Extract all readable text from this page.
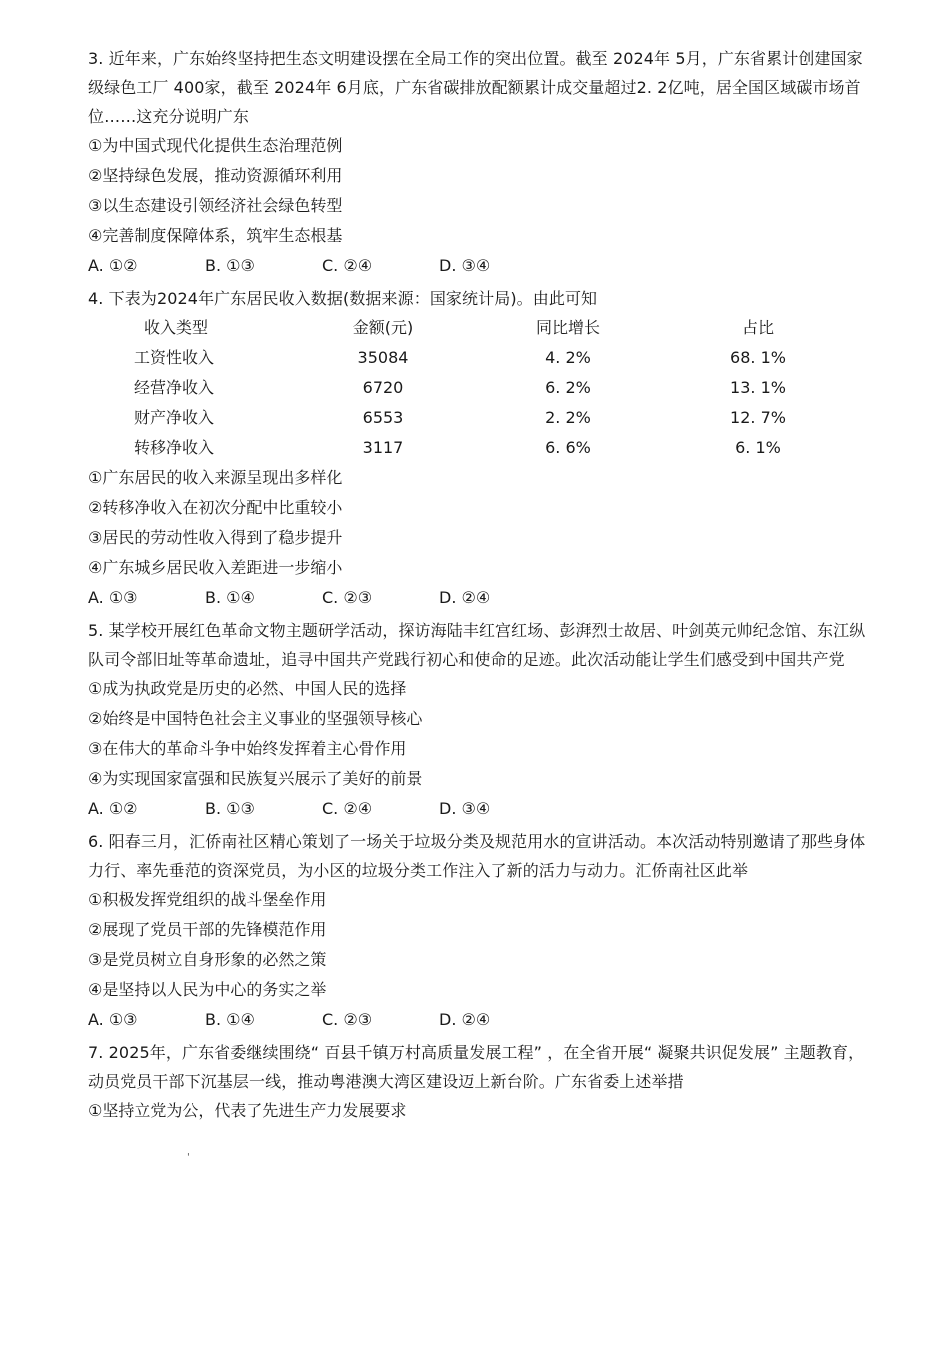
3. 近年来，广东始终坚持把生态文明建设摆在全局工作的突出位置。截至 2024年 5月，广东省累计创建国家级绿色工厂 400家，截至 2024年 6月底，广东省碳排放配额累计成交量超过2. 2亿吨，居全国区域碳市场首位……这充分说明广东

①为中国式现代化提供生态治理范例

②坚持绿色发展，推动资源循环利用

③以生态建设引领经济社会绿色转型

④完善制度保障体系，筑牢生态根基

A. ①②	B. ①③	C. ②④	D. ③④

4. 下表为2024年广东居民收入数据(数据来源：国家统计局)。由此可知

收入类型	金额(元)	同比增长	占比
工资性收入	35084	4. 2%	68. 1%
经营净收入	6720	6. 2%	13. 1%
财产净收入	6553	2. 2%	12. 7%
转移净收入	3117	6. 6%	6. 1%

①广东居民的收入来源呈现出多样化

②转移净收入在初次分配中比重较小

③居民的劳动性收入得到了稳步提升

④广东城乡居民收入差距进一步缩小

A. ①③	B. ①④	C. ②③	D. ②④

5. 某学校开展红色革命文物主题研学活动，探访海陆丰红宫红场、彭湃烈士故居、叶剑英元帅纪念馆、东江纵队司令部旧址等革命遗址，追寻中国共产党践行初心和使命的足迹。此次活动能让学生们感受到中国共产党

①成为执政党是历史的必然、中国人民的选择

②始终是中国特色社会主义事业的坚强领导核心

③在伟大的革命斗争中始终发挥着主心骨作用

④为实现国家富强和民族复兴展示了美好的前景

A. ①②	B. ①③	C. ②④	D. ③④

6. 阳春三月，汇侨南社区精心策划了一场关于垃圾分类及规范用水的宣讲活动。本次活动特别邀请了那些身体力行、率先垂范的资深党员，为小区的垃圾分类工作注入了新的活力与动力。汇侨南社区此举

①积极发挥党组织的战斗堡垒作用

②展现了党员干部的先锋模范作用

③是党员树立自身形象的必然之策

④是坚持以人民为中心的务实之举

A. ①③	B. ①④	C. ②③	D. ②④

7. 2025年，广东省委继续围绕“ 百县千镇万村高质量发展工程” ，在全省开展“ 凝聚共识促发展” 主题教育，动员党员干部下沉基层一线，推动粤港澳大湾区建设迈上新台阶。广东省委上述举措

①坚持立党为公，代表了先进生产力发展要求

'
